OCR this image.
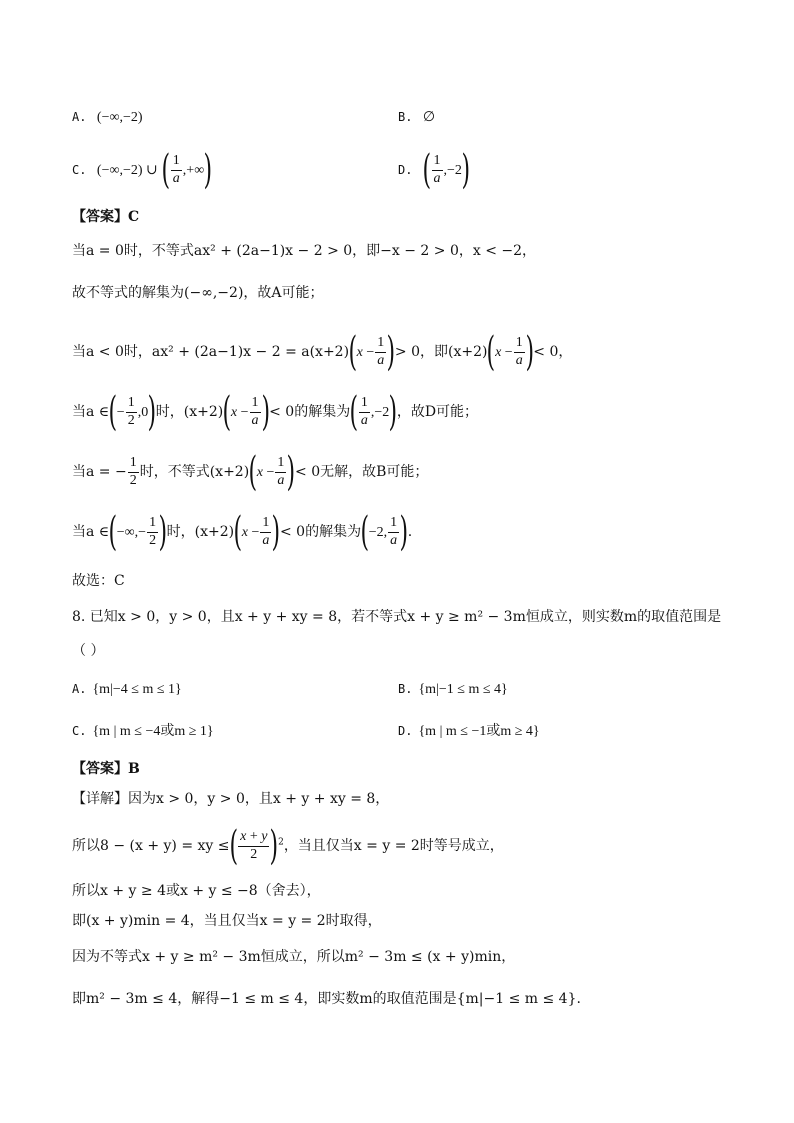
A. (−∞,−2)	B. ∅
C. (−∞,−2) ∪ ( $\frac{1}{a}$ ,+∞)	D. ( $\frac{1}{a} ,-2$)
【答案】C
当a = 0时，不等式ax² + (2a−1)x − 2 > 0，即−x − 2 > 0，x < −2，
故不等式的解集为(−∞,−2)，故A可能；
当a < 0时，$ax^2 + (2a-1)x - 2 = a(x+2)(x - \frac{1}{a}$ )> 0，即$(x+2)(x - \frac{1}{a}$ )< 0，
当a ∈(− $\frac{1}{2} ,0$)时，$(x+2)(x - \frac{1}{a}$ )< 0的解集为( $\frac{1}{a} ,-2$)，故D可能；
当a = − $\frac{1}{2}$ 时，不等式$(x+2)(x - \frac{1}{a}$ )< 0无解，故B可能；
当a ∈(−∞,− $\frac{1}{2}$ )时，$(x+2)(x - \frac{1}{a}$ )< 0的解集为(−2, $\frac{1}{a}$ ).
故选：C
8. 已知x > 0，y > 0，且x + y + xy = 8，若不等式x + y ≥ m² − 3m恒成立，则实数m的取值范围是
（ ）
A. {m|−4 ≤ m ≤ 1}	B. {m|−1 ≤ m ≤ 4}
C. {m | m ≤ −4或m ≥ 1}	D. {m | m ≤ −1或m ≥ 4}
【答案】B
【详解】因为x > 0，y > 0，且x + y + xy = 8，
所以8 − (x + y) = xy ≤( $\frac{x + y}{2} )^2$，当且仅当x = y = 2时等号成立，
所以x + y ≥ 4或x + y ≤ −8（舍去），
即(x + y)min = 4，当且仅当x = y = 2时取得，
因为不等式x + y ≥ m² − 3m恒成立，所以m² − 3m ≤ (x + y)min，
即m² − 3m ≤ 4，解得−1 ≤ m ≤ 4，即实数m的取值范围是{m|−1 ≤ m ≤ 4}.
